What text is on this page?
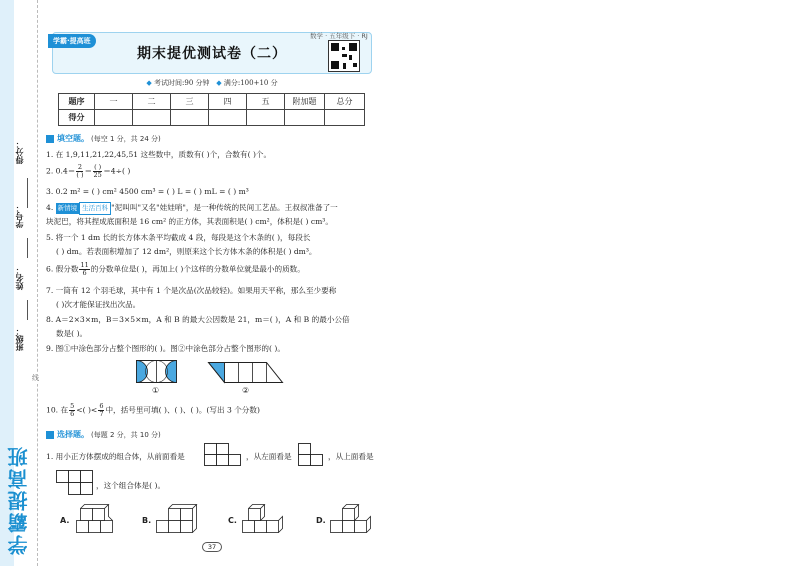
得分：
学号：
姓名：
班级：
线
学霸提高班
学霸·提高班
数学 · 五年级下 · RJ
期末提优测试卷（二）
◆ 考试时间:90 分钟 ◆ 满分:100+10 分
题序	一	二	三	四	五	附加题	总分
得分							
填空题。 (每空 1 分，共 24 分)
1. 在 1,9,11,21,22,45,51 这些数中，质数有( )个，合数有( )个。
2. $0.4= \frac{2}{( )} = \frac{( )}{25} =4\div$( )
3. 0.2 m² = ( ) cm² 4500 cm³ = ( ) L = ( ) mL = ( ) m³
4. 新情境 生活百科 "泥叫叫"又名"娃娃哨"，是一种传统的民间工艺品。王叔叔准备了一
块泥巴，将其捏成底面积是 16 cm² 的正方体，其表面积是( ) cm²，体积是( ) cm³。
5. 将一个 1 dm 长的长方体木条平均截成 4 段，每段是这个木条的( )，每段长
( ) dm。若表面积增加了 12 dm²，则原来这个长方体木条的体积是( ) dm³。
6. 假分数 $\frac{11}{6}$ 的分数单位是( )，再加上( )个这样的分数单位就是最小的质数。
7. 一筒有 12 个羽毛球，其中有 1 个是次品(次品较轻)。如果用天平称，那么至少要称
( )次才能保证找出次品。
8. A＝2×3×m，B＝3×5×m，A 和 B 的最大公因数是 21，m＝( )，A 和 B 的最小公倍
数是( )。
9. 图①中涂色部分占整个图形的( )。图②中涂色部分占整个图形的( )。
①	②
10. 在 $\frac{5}{6}$ <( )< $\frac{6}{7}$ 中，括号里可填( )、( )、( )。(写出 3 个分数)
选择题。 (每题 2 分，共 10 分)
1. 用小正方体摆成的组合体，从前面看是	，从左面看是	，从上面看是
，这个组合体是( )。
A.	B.	C.	D.
37
